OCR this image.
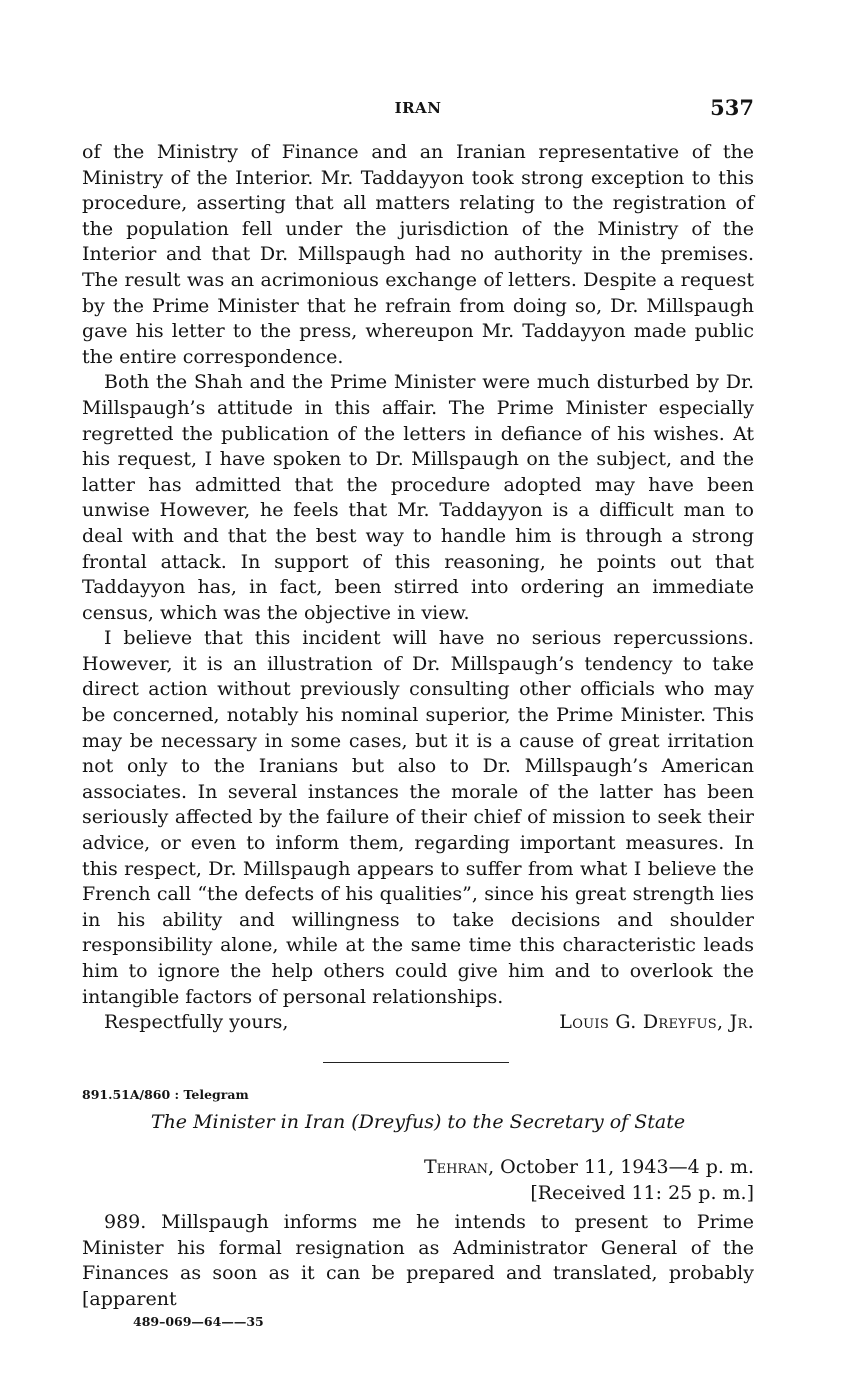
IRAN	537

of the Ministry of Finance and an Iranian representative of the Ministry of the Interior. Mr. Taddayyon took strong exception to this procedure, asserting that all matters relating to the registration of the population fell under the jurisdiction of the Ministry of the Interior and that Dr. Millspaugh had no authority in the premises. The result was an acrimonious exchange of letters. Despite a request by the Prime Minister that he refrain from doing so, Dr. Millspaugh gave his letter to the press, whereupon Mr. Taddayyon made public the entire correspondence.

Both the Shah and the Prime Minister were much disturbed by Dr. Millspaugh’s attitude in this affair. The Prime Minister especially regretted the publication of the letters in defiance of his wishes. At his request, I have spoken to Dr. Millspaugh on the subject, and the latter has admitted that the procedure adopted may have been unwise However, he feels that Mr. Taddayyon is a difficult man to deal with and that the best way to handle him is through a strong frontal attack. In support of this reasoning, he points out that Taddayyon has, in fact, been stirred into ordering an immediate census, which was the objective in view.

I believe that this incident will have no serious repercussions. However, it is an illustration of Dr. Millspaugh’s tendency to take direct action without previously consulting other officials who may be concerned, notably his nominal superior, the Prime Minister. This may be necessary in some cases, but it is a cause of great irritation not only to the Iranians but also to Dr. Millspaugh’s American associates. In several instances the morale of the latter has been seriously affected by the failure of their chief of mission to seek their advice, or even to inform them, regarding important measures. In this respect, Dr. Millspaugh appears to suffer from what I believe the French call “the defects of his qualities”, since his great strength lies in his ability and willingness to take decisions and shoulder responsibility alone, while at the same time this characteristic leads him to ignore the help others could give him and to overlook the intangible factors of personal relationships.

Respectfully yours,	Louis G. Dreyfus, Jr.
891.51A/860 : Telegram
The Minister in Iran (Dreyfus) to the Secretary of State
Tehran, October 11, 1943—4 p. m.
[Received 11: 25 p. m.]

989. Millspaugh informs me he intends to present to Prime Minister his formal resignation as Administrator General of the Finances as soon as it can be prepared and translated, probably [apparent

489–069—64——35
